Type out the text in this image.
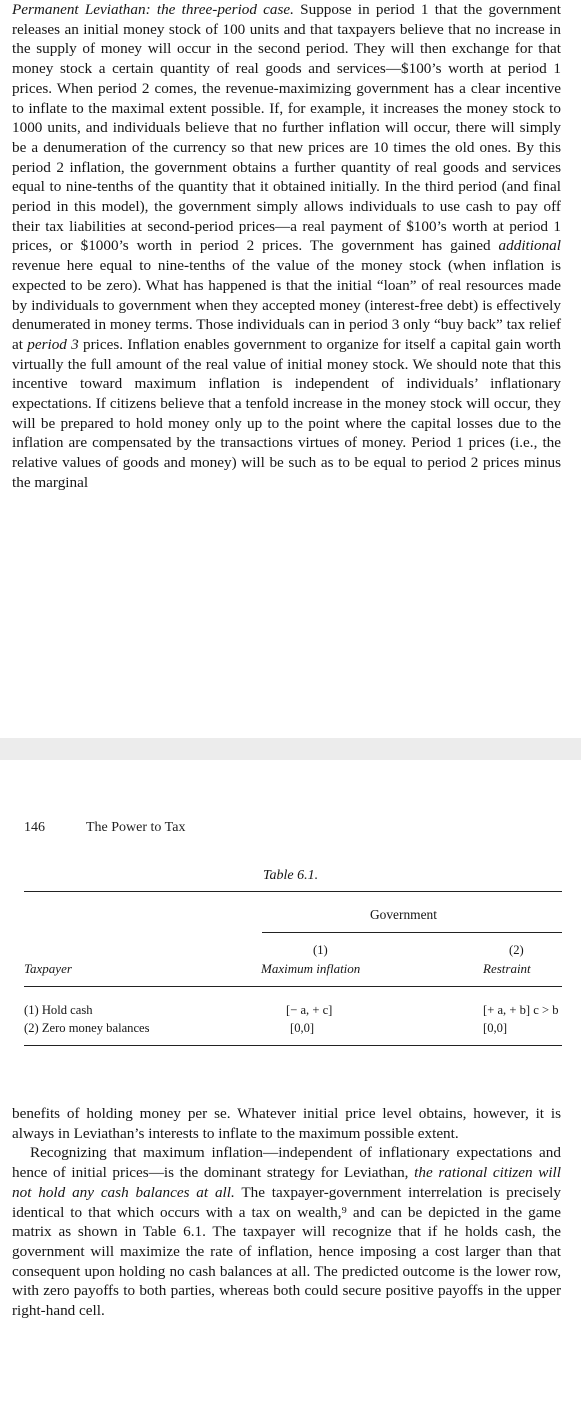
Permanent Leviathan: the three-period case. Suppose in period 1 that the government releases an initial money stock of 100 units and that taxpayers believe that no increase in the supply of money will occur in the second period. They will then exchange for that money stock a certain quantity of real goods and services—$100’s worth at period 1 prices. When period 2 comes, the revenue-maximizing government has a clear incentive to inflate to the maximal extent possible. If, for example, it increases the money stock to 1000 units, and individuals believe that no further inflation will occur, there will simply be a denumeration of the currency so that new prices are 10 times the old ones. By this period 2 inflation, the government obtains a further quantity of real goods and services equal to nine-tenths of the quantity that it obtained initially. In the third period (and final period in this model), the government simply allows individuals to use cash to pay off their tax liabilities at second-period prices—a real payment of $100’s worth at period 1 prices, or $1000’s worth in period 2 prices. The government has gained additional revenue here equal to nine-tenths of the value of the money stock (when inflation is expected to be zero). What has happened is that the initial “loan” of real resources made by individuals to government when they accepted money (interest-free debt) is effectively denumerated in money terms. Those individuals can in period 3 only “buy back” tax relief at period 3 prices. Inflation enables government to organize for itself a capital gain worth virtually the full amount of the real value of initial money stock. We should note that this incentive toward maximum inflation is independent of individuals’ inflationary expectations. If citizens believe that a tenfold increase in the money stock will occur, they will be prepared to hold money only up to the point where the capital losses due to the inflation are compensated by the transactions virtues of money. Period 1 prices (i.e., the relative values of goods and money) will be such as to be equal to period 2 prices minus the marginal
146	The Power to Tax
Table 6.1.
Government
(1)
Maximum inflation
(2)
Restraint
Taxpayer
(1) Hold cash	[− a, + c]	[+ a, + b] c > b
(2) Zero money balances	[0,0]	[0,0]

benefits of holding money per se. Whatever initial price level obtains, however, it is always in Leviathan’s interests to inflate to the maximum possible extent.

Recognizing that maximum inflation—independent of inflationary expectations and hence of initial prices—is the dominant strategy for Leviathan, the rational citizen will not hold any cash balances at all. The taxpayer-government interrelation is precisely identical to that which occurs with a tax on wealth,⁹ and can be depicted in the game matrix as shown in Table 6.1. The taxpayer will recognize that if he holds cash, the government will maximize the rate of inflation, hence imposing a cost larger than that consequent upon holding no cash balances at all. The predicted outcome is the lower row, with zero payoffs to both parties, whereas both could secure positive payoffs in the upper right-hand cell.
